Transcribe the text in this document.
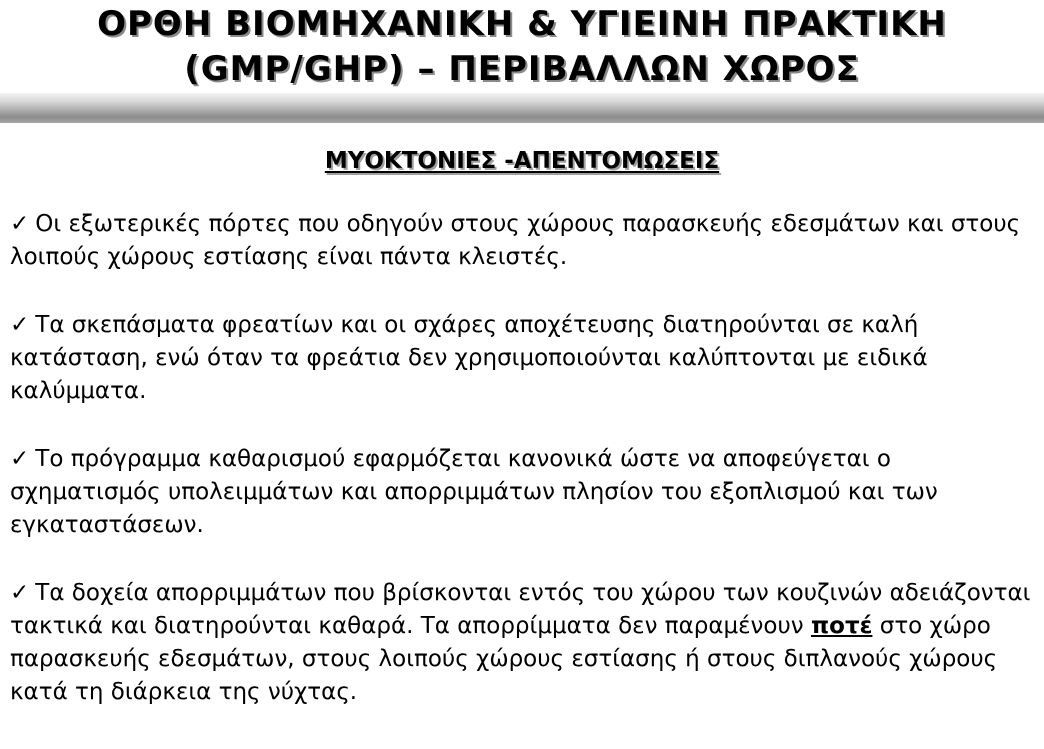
ΟΡΘΗ ΒΙΟΜΗΧΑΝΙΚΗ & ΥΓΙΕΙΝΗ ΠΡΑΚΤΙΚΗ
(GMP/GHP) – ΠΕΡΙΒΑΛΛΩΝ ΧΩΡΟΣ
ΜΥΟΚΤΟΝΙΕΣ -ΑΠΕΝΤΟΜΩΣΕΙΣ
✓ Οι εξωτερικές πόρτες που οδηγούν στους χώρους παρασκευής εδεσμάτων και στους λοιπούς χώρους εστίασης είναι πάντα κλειστές.
✓ Τα σκεπάσματα φρεατίων και οι σχάρες αποχέτευσης διατηρούνται σε καλή κατάσταση, ενώ όταν τα φρεάτια δεν χρησιμοποιούνται καλύπτονται με ειδικά καλύμματα.
✓ Το πρόγραμμα καθαρισμού εφαρμόζεται κανονικά ώστε να αποφεύγεται ο σχηματισμός υπολειμμάτων και απορριμμάτων πλησίον του εξοπλισμού και των εγκαταστάσεων.
✓ Τα δοχεία απορριμμάτων που βρίσκονται εντός του χώρου των κουζινών αδειάζονται τακτικά και διατηρούνται καθαρά. Τα απορρίμματα δεν παραμένουν ποτέ στο χώρο παρασκευής εδεσμάτων, στους λοιπούς χώρους εστίασης ή στους διπλανούς χώρους κατά τη διάρκεια της νύχτας.
